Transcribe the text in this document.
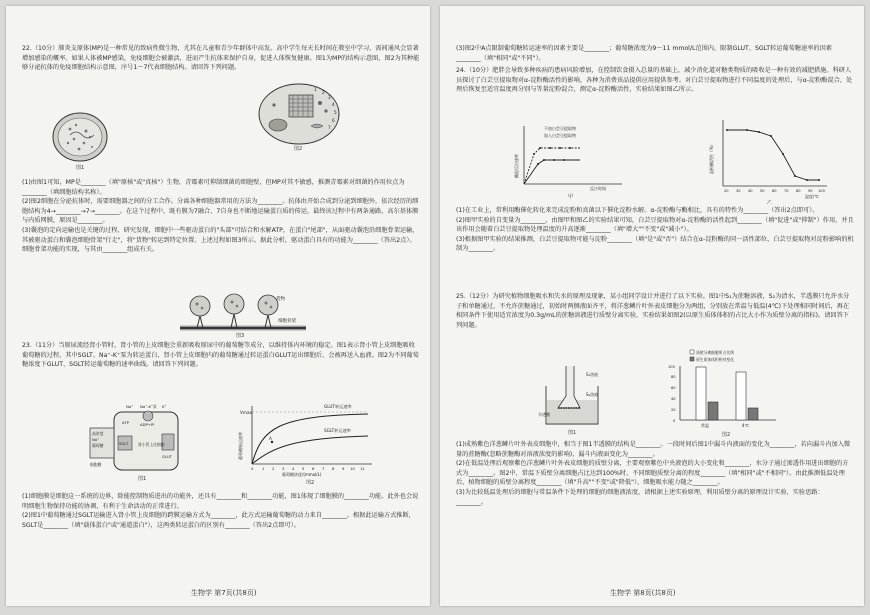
22.（10分）肺炎支原体(MP)是一种常见的致病性微生物，尤其在儿童和青少年群体中高发。高中学生每天长时间在教室中学习，需间通风会显著增加感染的概率。如果人体被MP感染，免疫细胞会被激活，进而产生抗体来保护自身，促进人体恢复健康。图1为MP的结构示意图，图2为其种能够分泌抗体的免疫细胞结构示意图，序号1～7代表细胞结构。请回答下列问题。

图1
1
2
3
4
5
6
7
图2

(1)由图1可知，MP是________（填"原核"或"真核"）生物，青霉素可抑制细菌的细胞壁，但MP对其不敏感，推测青霉素对细菌的作用位点为________（填细胞结构名称）。

(2)图2细胞在分泌抗体时，需要细胞器之间的分工合作。分离各种细胞器常用的方法为________。抗体由开始合成到分泌到细胞外，依次经历的细胞结构为4→________→7→________。在这个过程中，既有膜为7融合，7自身也不断地运输蛋白质的传运，最终该过程中有两条通路，高尔基体膜与内质网膜，原因是________。

(3)囊泡的定向运输也是关键的过程，研究发现，细胞中一些驱动蛋白的"头部"可结合和水解ATP，在蛋白"尾部"，从面驱动囊泡沿细胞骨架运输，其被驱动蛋白和囊泡细胞骨架"行走"，将"货物"转运到特定位置。上述过程如图3所示。据此分析，驱动蛋白具有的功能为________（答出2点）。细胞骨架功能的实现，与其由________组成有关。

货物
细胞骨架
图3

23.（11分）当原尿流经肾小管时，肾小管的上皮细胞会重新吸收原尿中的葡萄糖等成分，以维持体内环境的稳定。图1表示肾小管上皮细胞吸收葡萄糖的过程，其中SGLT、Na⁺-K⁺泵为转运蛋白，肾小管上皮细胞内的葡萄糖通过转运蛋白GLUT运出细胞后，会被再送入血液。图2为不同葡萄糖浓度下GLUT、SGLT转运葡萄糖的速率曲线。请回答下列问题。

Na⁺ Na⁺-K⁺泵 K⁺
ATP	ADP+Pi
高浓度
Na⁺
葡萄糖	SGLT
GLUT
肾小管上皮细胞
细胞膜
图1
A
Vmax
GLUT转运速率
SGLT转运速率
0 1 2 3 4 5 6 7 8 9 10 11
葡萄糖浓度/(mmol/L)
葡萄糖转运速率
图2

(1)细胞膜是细胞这一系统的边界，除能控制物质进出的功能外，还具有________和________功能，图1体现了细胞膜的________功能。此外也会说明细胞生物保持功能的协调，有利于生命活动的正常进行。

(2)图1中葡萄糖通过SGLT运输进入肾小管上皮细胞的跨膜运输方式为________，此方式运输葡萄糖的动力来自________。根据此运输方式推断，SGLT是________（填"载体蛋白"或"通道蛋白"），这两类转运蛋白的区别有________（答出2点即可）。

生物学 第7页(共8页)

(3)图2中A点限制葡萄糖转运速率的因素主要是________；葡萄糖浓度为9～11 mmol/L范围内，限制GLUT、SGLT转运葡萄糖速率的因素________（填"相同"或"不同"）。

24.（10分）肥胖会导致多种疾病的患病风险增加，在控制饮食摄入总量的基础上，减少消化道对糖类物质的吸收是一种有效的减肥措施。科研人员探讨了白芸豆提取物对α-淀粉酶活性的影响，各种为消费该品提供应用提供参考。对白芸豆提取物进行不同温度的处理后，与α-淀粉酶混合，处理后恢复至适宜温度再分别与等量淀粉混合，测定α-淀粉酶活性，实验结果如图乙所示。

不加白芸豆提取物
加入白芸豆提取物
反应时间
酶促反应速率
甲
20 30 40 50 60 70 80 90 100
温度/℃
淀粉酶活性（%）
乙

(1)在工业上，常利用酶催化转化来完成淀粉和真菌以下催化淀粉水解。α-淀粉酶与酶相比，具有的特性为________（答出2点即可）。

(2)图甲实验的自变量为________，由图甲和图乙的实验结果可知，白芸豆提取物对α-淀粉酶的活性起到________（填"促进"或"抑制"）作用，并且该作用会随着白芸豆提取物处理温度的升高逐渐________（填"增大""不变"或"减小"）。

(3)根据图甲实验的结果推测，白芸豆提取物可能与淀粉________（填"是"或"否"）结合在α-淀粉酶的同一活性部位，白芸豆提取物对淀粉影响的机制为________。

25.（12分）为研究植物细胞吸水和失水的原理及现象，某小组同学设计并进行了以下实验。图1中S₁为蔗糖溶液，S₂为清水，半透膜只允许水分子和单糖通过，不允许蔗糖通过，初始时两侧液面齐平，将洋葱鳞片叶外表皮细胞分为两组，分别放在常温与低温(4℃)下处理相同时间后，再在相同条件下使用适宜浓度为0.3g/mL的蔗糖溶液进行质壁分离实验，实验结果如图2(以原生质体体积的占比大小作为质壁分离的指标)。请回答下列问题。

S₁溶液
S₂溶液
半透膜
图1
质壁分离细胞所占比例
原生质体体积相对变化
0
20
40
60
80
100
常温	4℃
图2

(1)成熟紫色洋葱鳞片叶外表皮细胞中，相当于图1半透膜的结构是________。一段时间后图1中漏斗内液面的变化为________，若向漏斗内加入微量的蔗糖酶(忽略蔗糖酶对溶液浓度的影响)，漏斗内液面变化为________。

(2)在低温处理后观察紫色洋葱鳞片叶外表皮细胞的质壁分离，主要观察紫色中央液泡的大小变化和________，水分子通过渗透作用进出细胞的方式为________。图2中，常温下质壁分离细胞占比达到100%时，不同细胞质壁分离的程度________（填"相同"或"不相同"）。由此推测低温处理后，植物细胞的质壁分离程度________（填"升高""不变"或"降低"），细胞吸水能力随之________。

(3)为比较低温处理后的细胞与常温条件下处理的细胞的细胞液浓度，请根据上述实验原理，利用质壁分离的原理设计实验，实验思路：________。

生物学 第8页(共8页)
